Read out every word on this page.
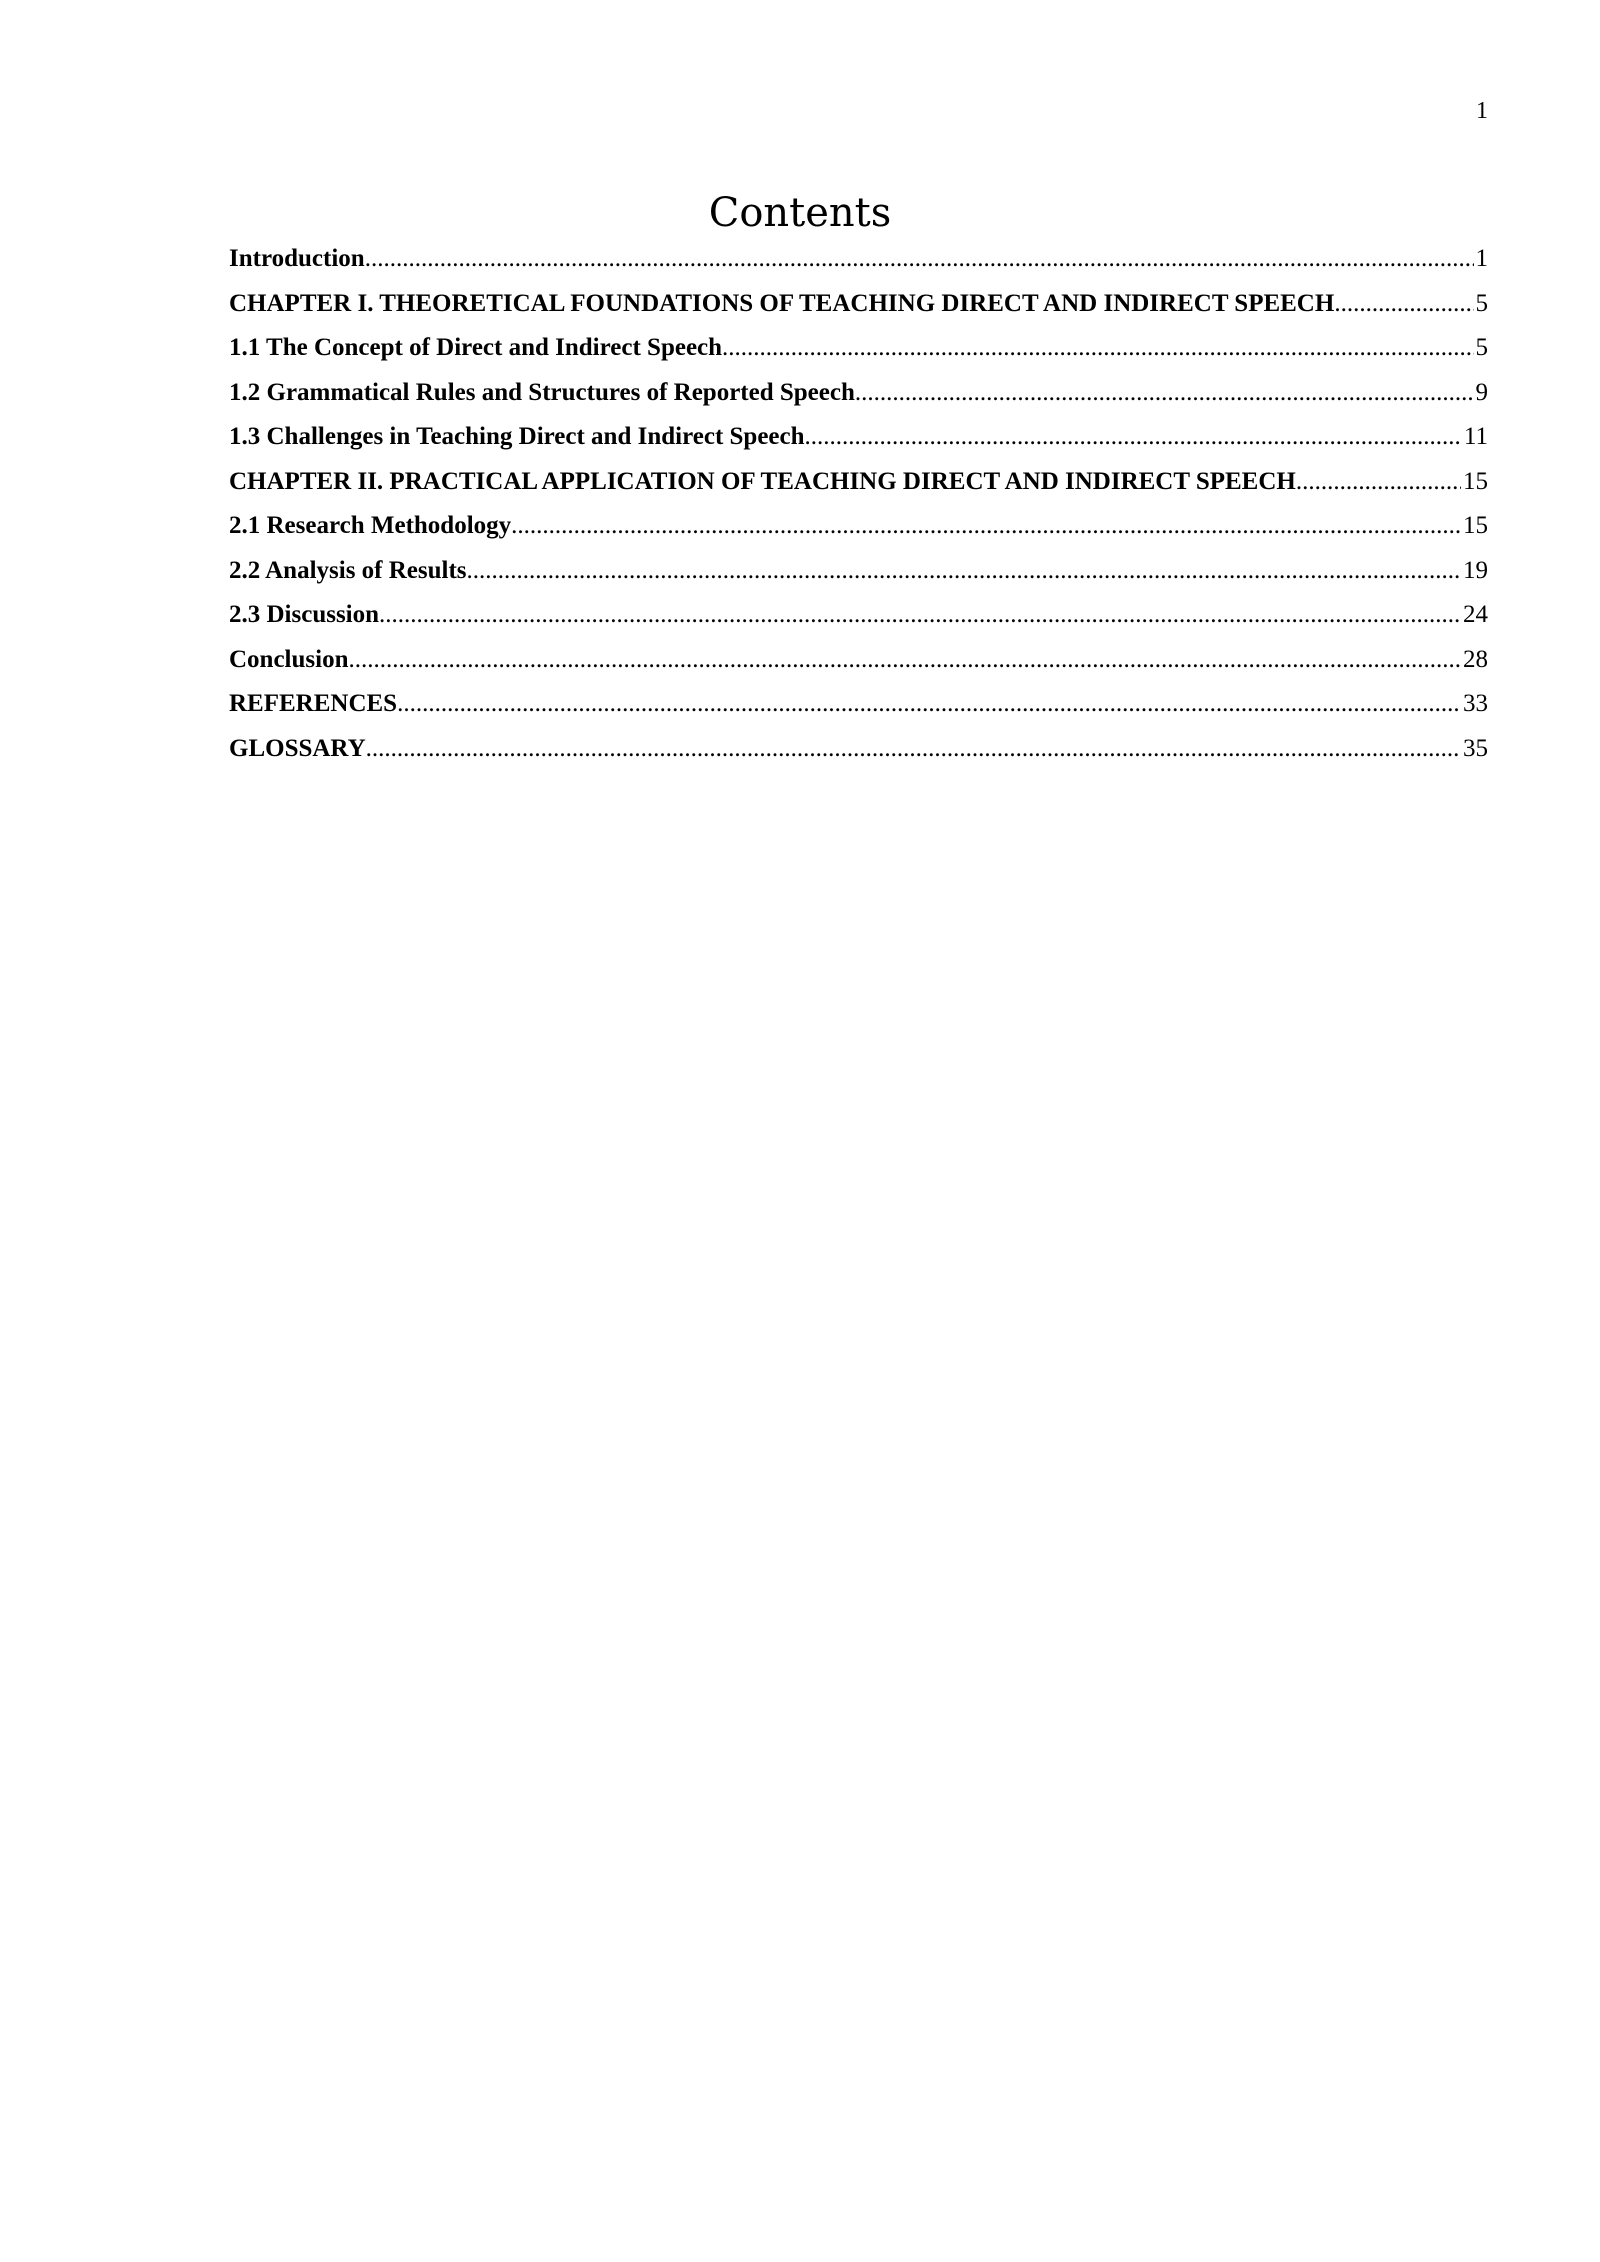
1
Contents
Introduction .....	1
CHAPTER I. THEORETICAL FOUNDATIONS OF TEACHING DIRECT AND INDIRECT SPEECH .....	5
1.1 The Concept of Direct and Indirect Speech .....	5
1.2 Grammatical Rules and Structures of Reported Speech .....	9
1.3 Challenges in Teaching Direct and Indirect Speech .....	11
CHAPTER II. PRACTICAL APPLICATION OF TEACHING DIRECT AND INDIRECT SPEECH .....	15
2.1 Research Methodology .....	15
2.2 Analysis of Results .....	19
2.3 Discussion .....	24
Conclusion .....	28
REFERENCES .....	33
GLOSSARY .....	35
